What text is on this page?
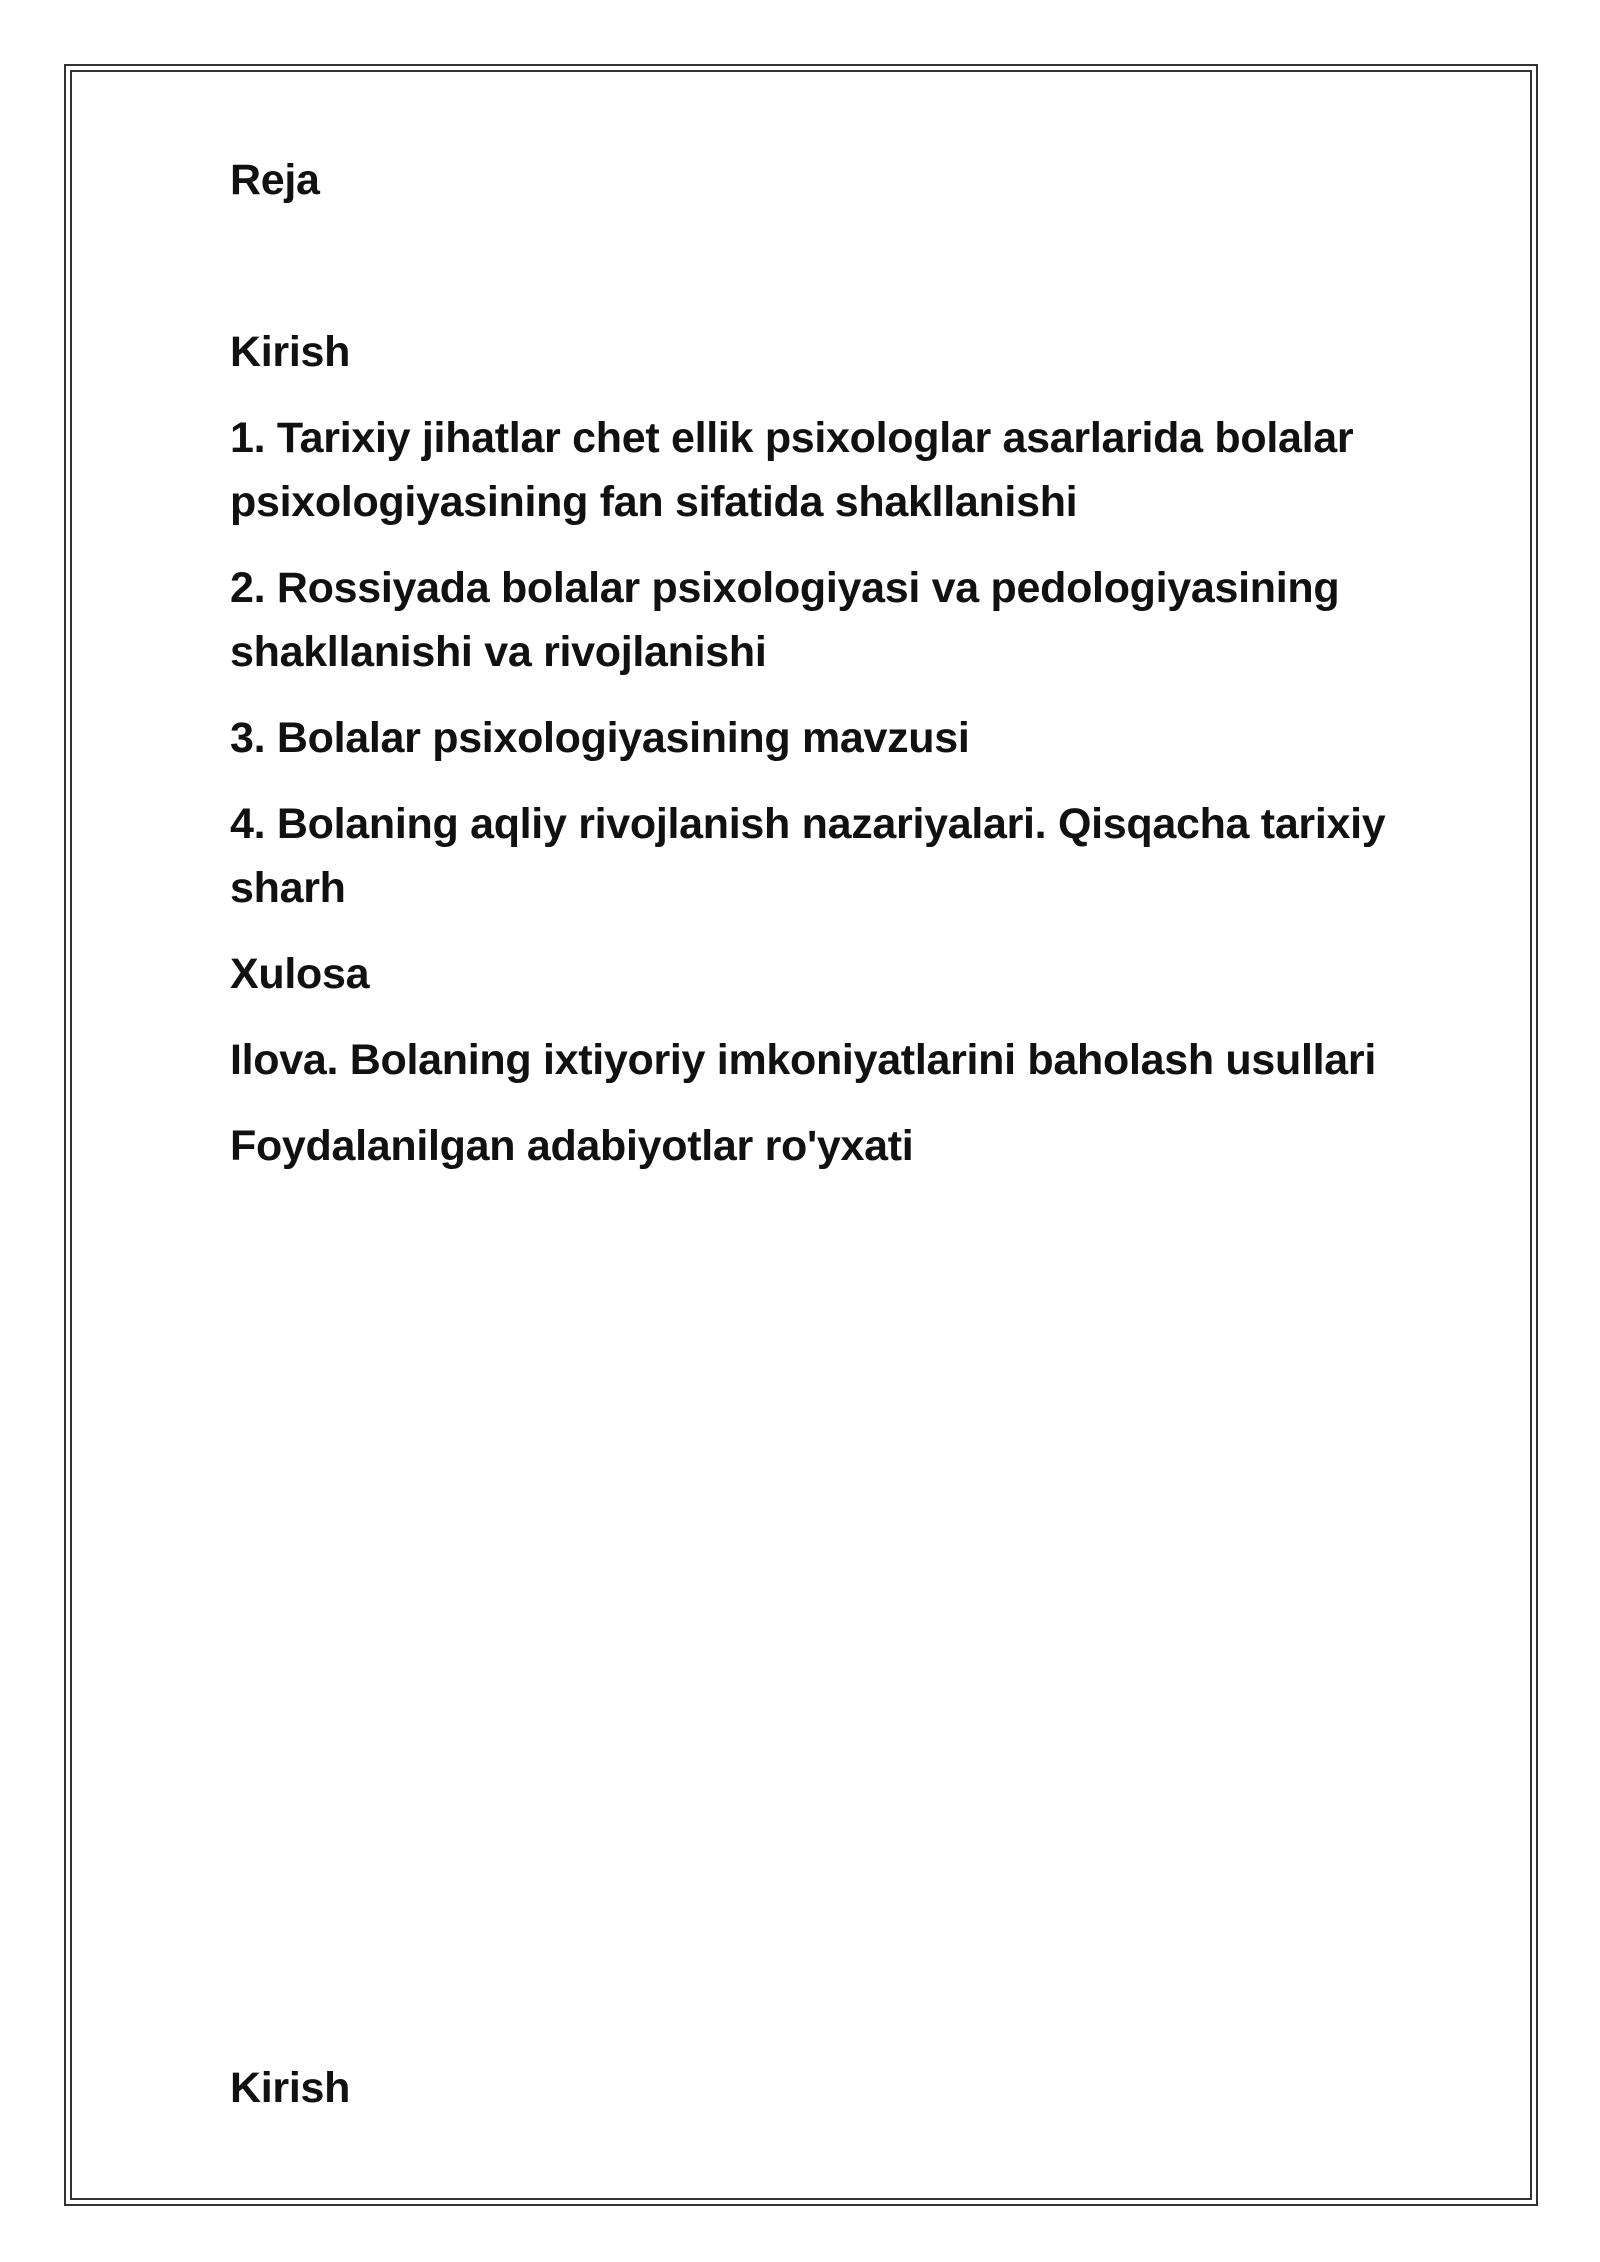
Reja
Kirish
1. Tarixiy jihatlar chet ellik psixologlar asarlarida bolalar
psixologiyasining fan sifatida shakllanishi
2. Rossiyada bolalar psixologiyasi va pedologiyasining
shakllanishi va rivojlanishi
3. Bolalar psixologiyasining mavzusi
4. Bolaning aqliy rivojlanish nazariyalari. Qisqacha tarixiy
sharh
Xulosa
Ilova. Bolaning ixtiyoriy imkoniyatlarini baholash usullari
Foydalanilgan adabiyotlar ro'yxati
Kirish
